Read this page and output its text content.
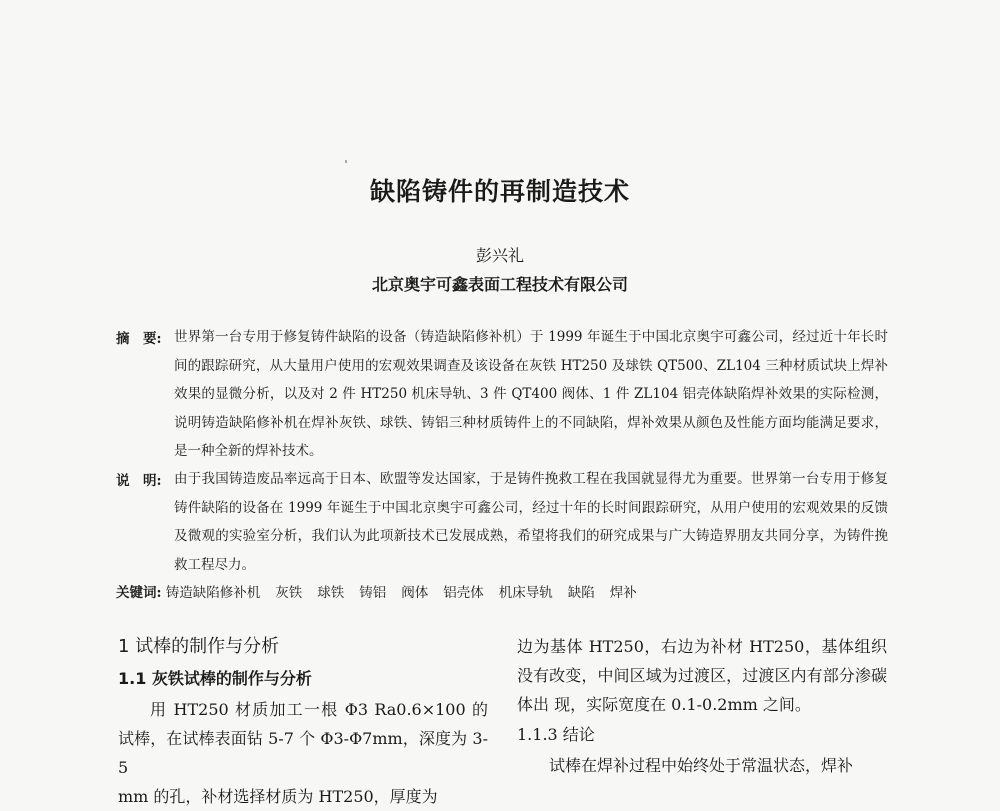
缺陷铸件的再制造技术
彭兴礼
北京奥宇可鑫表面工程技术有限公司
摘　要: 世界第一台专用于修复铸件缺陷的设备（铸造缺陷修补机）于 1999 年诞生于中国北京奥宇可鑫公司，经过近十年长时间的跟踪研究，从大量用户使用的宏观效果调查及该设备在灰铁 HT250 及球铁 QT500、ZL104 三种材质试块上焊补效果的显微分析，以及对 2 件 HT250 机床导轨、3 件 QT400 阀体、1 件 ZL104 铝壳体缺陷焊补效果的实际检测，说明铸造缺陷修补机在焊补灰铁、球铁、铸铝三种材质铸件上的不同缺陷，焊补效果从颜色及性能方面均能满足要求，是一种全新的焊补技术。
说　明: 由于我国铸造废品率远高于日本、欧盟等发达国家，于是铸件挽救工程在我国就显得尤为重要。世界第一台专用于修复铸件缺陷的设备在 1999 年诞生于中国北京奥宇可鑫公司，经过十年的长时间跟踪研究，从用户使用的宏观效果的反馈及微观的实验室分析，我们认为此项新技术已发展成熟，希望将我们的研究成果与广大铸造界朋友共同分享，为铸件挽救工程尽力。
关键词: 铸造缺陷修补机 灰铁 球铁 铸铝 阀体 铝壳体 机床导轨 缺陷 焊补
1 试棒的制作与分析
1.1 灰铁试棒的制作与分析

用 HT250 材质加工一根 Φ3 Ra0.6×100 的试棒，在试棒表面钻 5-7 个 Φ3-Φ7mm，深度为 3-5

mm 的孔，补材选择材质为 HT250，厚度为

边为基体 HT250，右边为补材 HT250，基体组织没有改变，中间区域为过渡区，过渡区内有部分渗碳体出 现，实际宽度在 0.1-0.2mm 之间。

1.1.3 结论

试棒在焊补过程中始终处于常温状态，焊补
